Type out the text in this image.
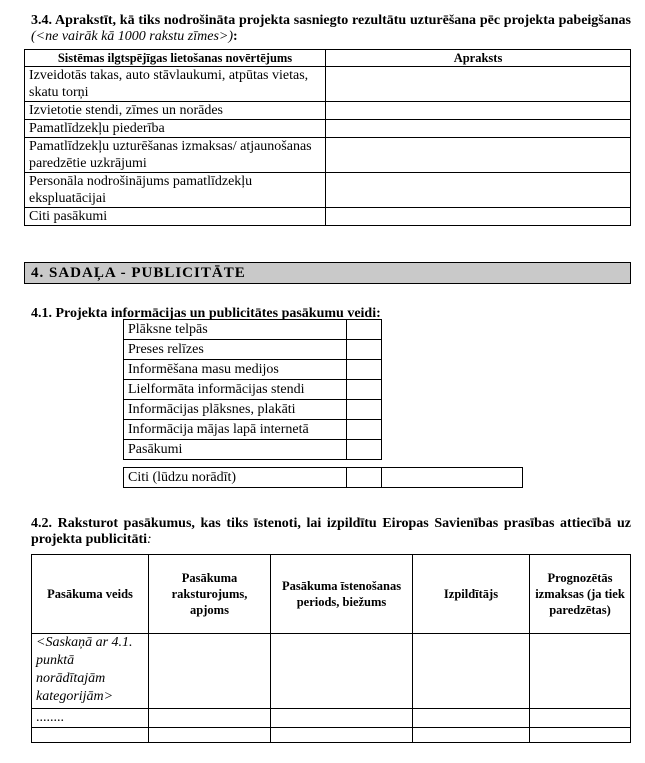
3.4. Aprakstīt, kā tiks nodrošināta projekta sasniegto rezultātu uzturēšana pēc projekta pabeigšanas (<ne vairāk kā 1000 rakstu zīmes>):
Sistēmas ilgtspējīgas lietošanas novērtējums	Apraksts
Izveidotās takas, auto stāvlaukumi, atpūtas vietas, skatu torņi	
Izvietotie stendi, zīmes un norādes	
Pamatlīdzekļu piederība	
Pamatlīdzekļu uzturēšanas izmaksas/ atjaunošanas paredzētie uzkrājumi	
Personāla nodrošinājums pamatlīdzekļu ekspluatācijai	
Citi pasākumi	
4. SADAĻA - PUBLICITĀTE
4.1. Projekta informācijas un publicitātes pasākumu veidi:
Plāksne telpās	
Preses relīzes	
Informēšana masu medijos	
Lielformāta informācijas stendi	
Informācijas plāksnes, plakāti	
Informācija mājas lapā internetā	
Pasākumi	
Citi (lūdzu norādīt)		
4.2. Raksturot pasākumus, kas tiks īstenoti, lai izpildītu Eiropas Savienības prasības attiecībā uz projekta publicitāti:
Pasākuma veids	Pasākuma raksturojums, apjoms	Pasākuma īstenošanas periods, biežums	Izpildītājs	Prognozētās izmaksas (ja tiek paredzētas)
<Saskaņā ar 4.1. punktā norādītajām kategorijām>				
........				
